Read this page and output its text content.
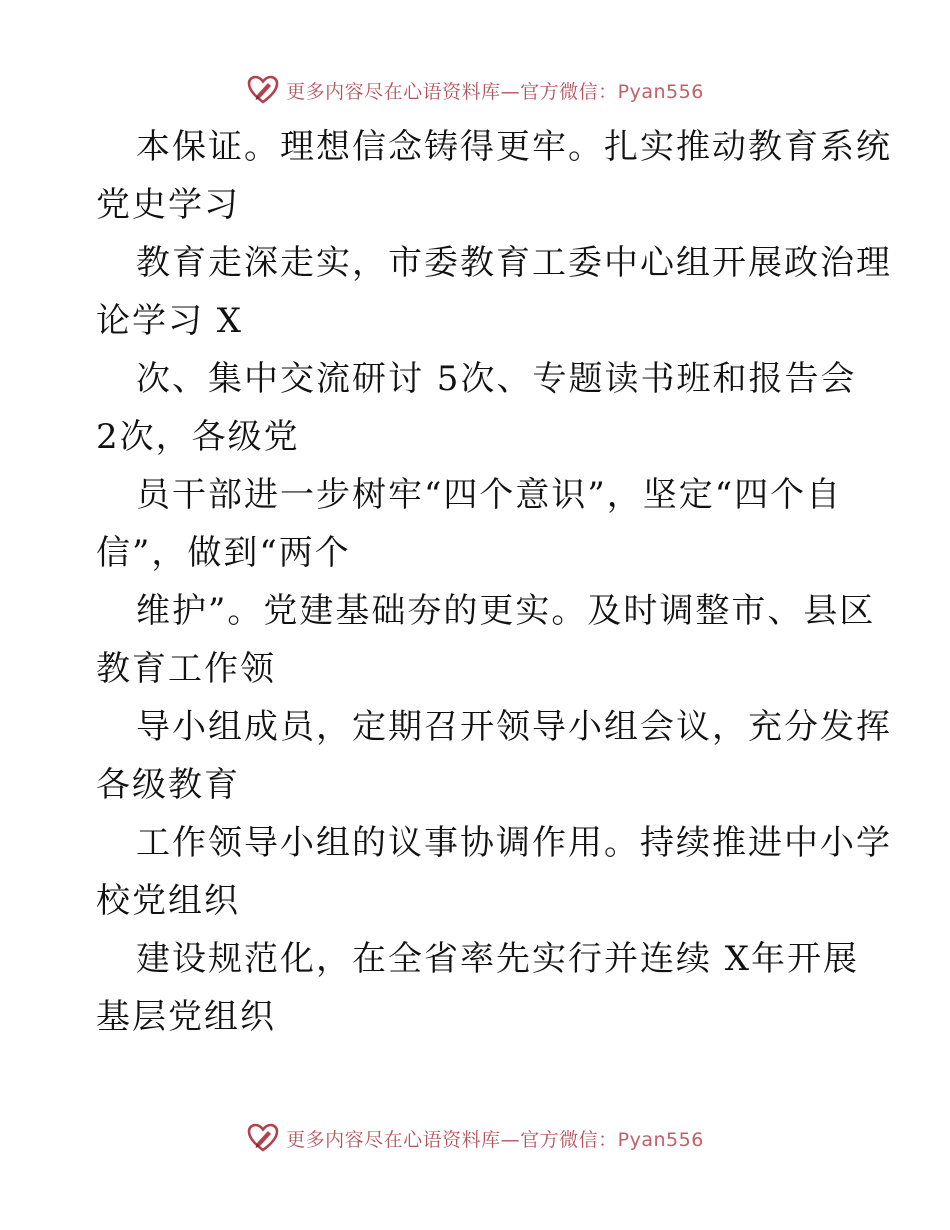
更多内容尽在心语资料库—官方微信：Pyan556
本保证。理想信念铸得更牢。扎实推动教育系统
党史学习
教育走深走实，市委教育工委中心组开展政治理
论学习 X
次、集中交流研讨 5次、专题读书班和报告会
2次，各级党
员干部进一步树牢“四个意识”，坚定“四个自
信”，做到“两个
维护”。党建基础夯的更实。及时调整市、县区
教育工作领
导小组成员，定期召开领导小组会议，充分发挥
各级教育
工作领导小组的议事协调作用。持续推进中小学
校党组织
建设规范化，在全省率先实行并连续 X年开展
基层党组织
更多内容尽在心语资料库—官方微信：Pyan556
